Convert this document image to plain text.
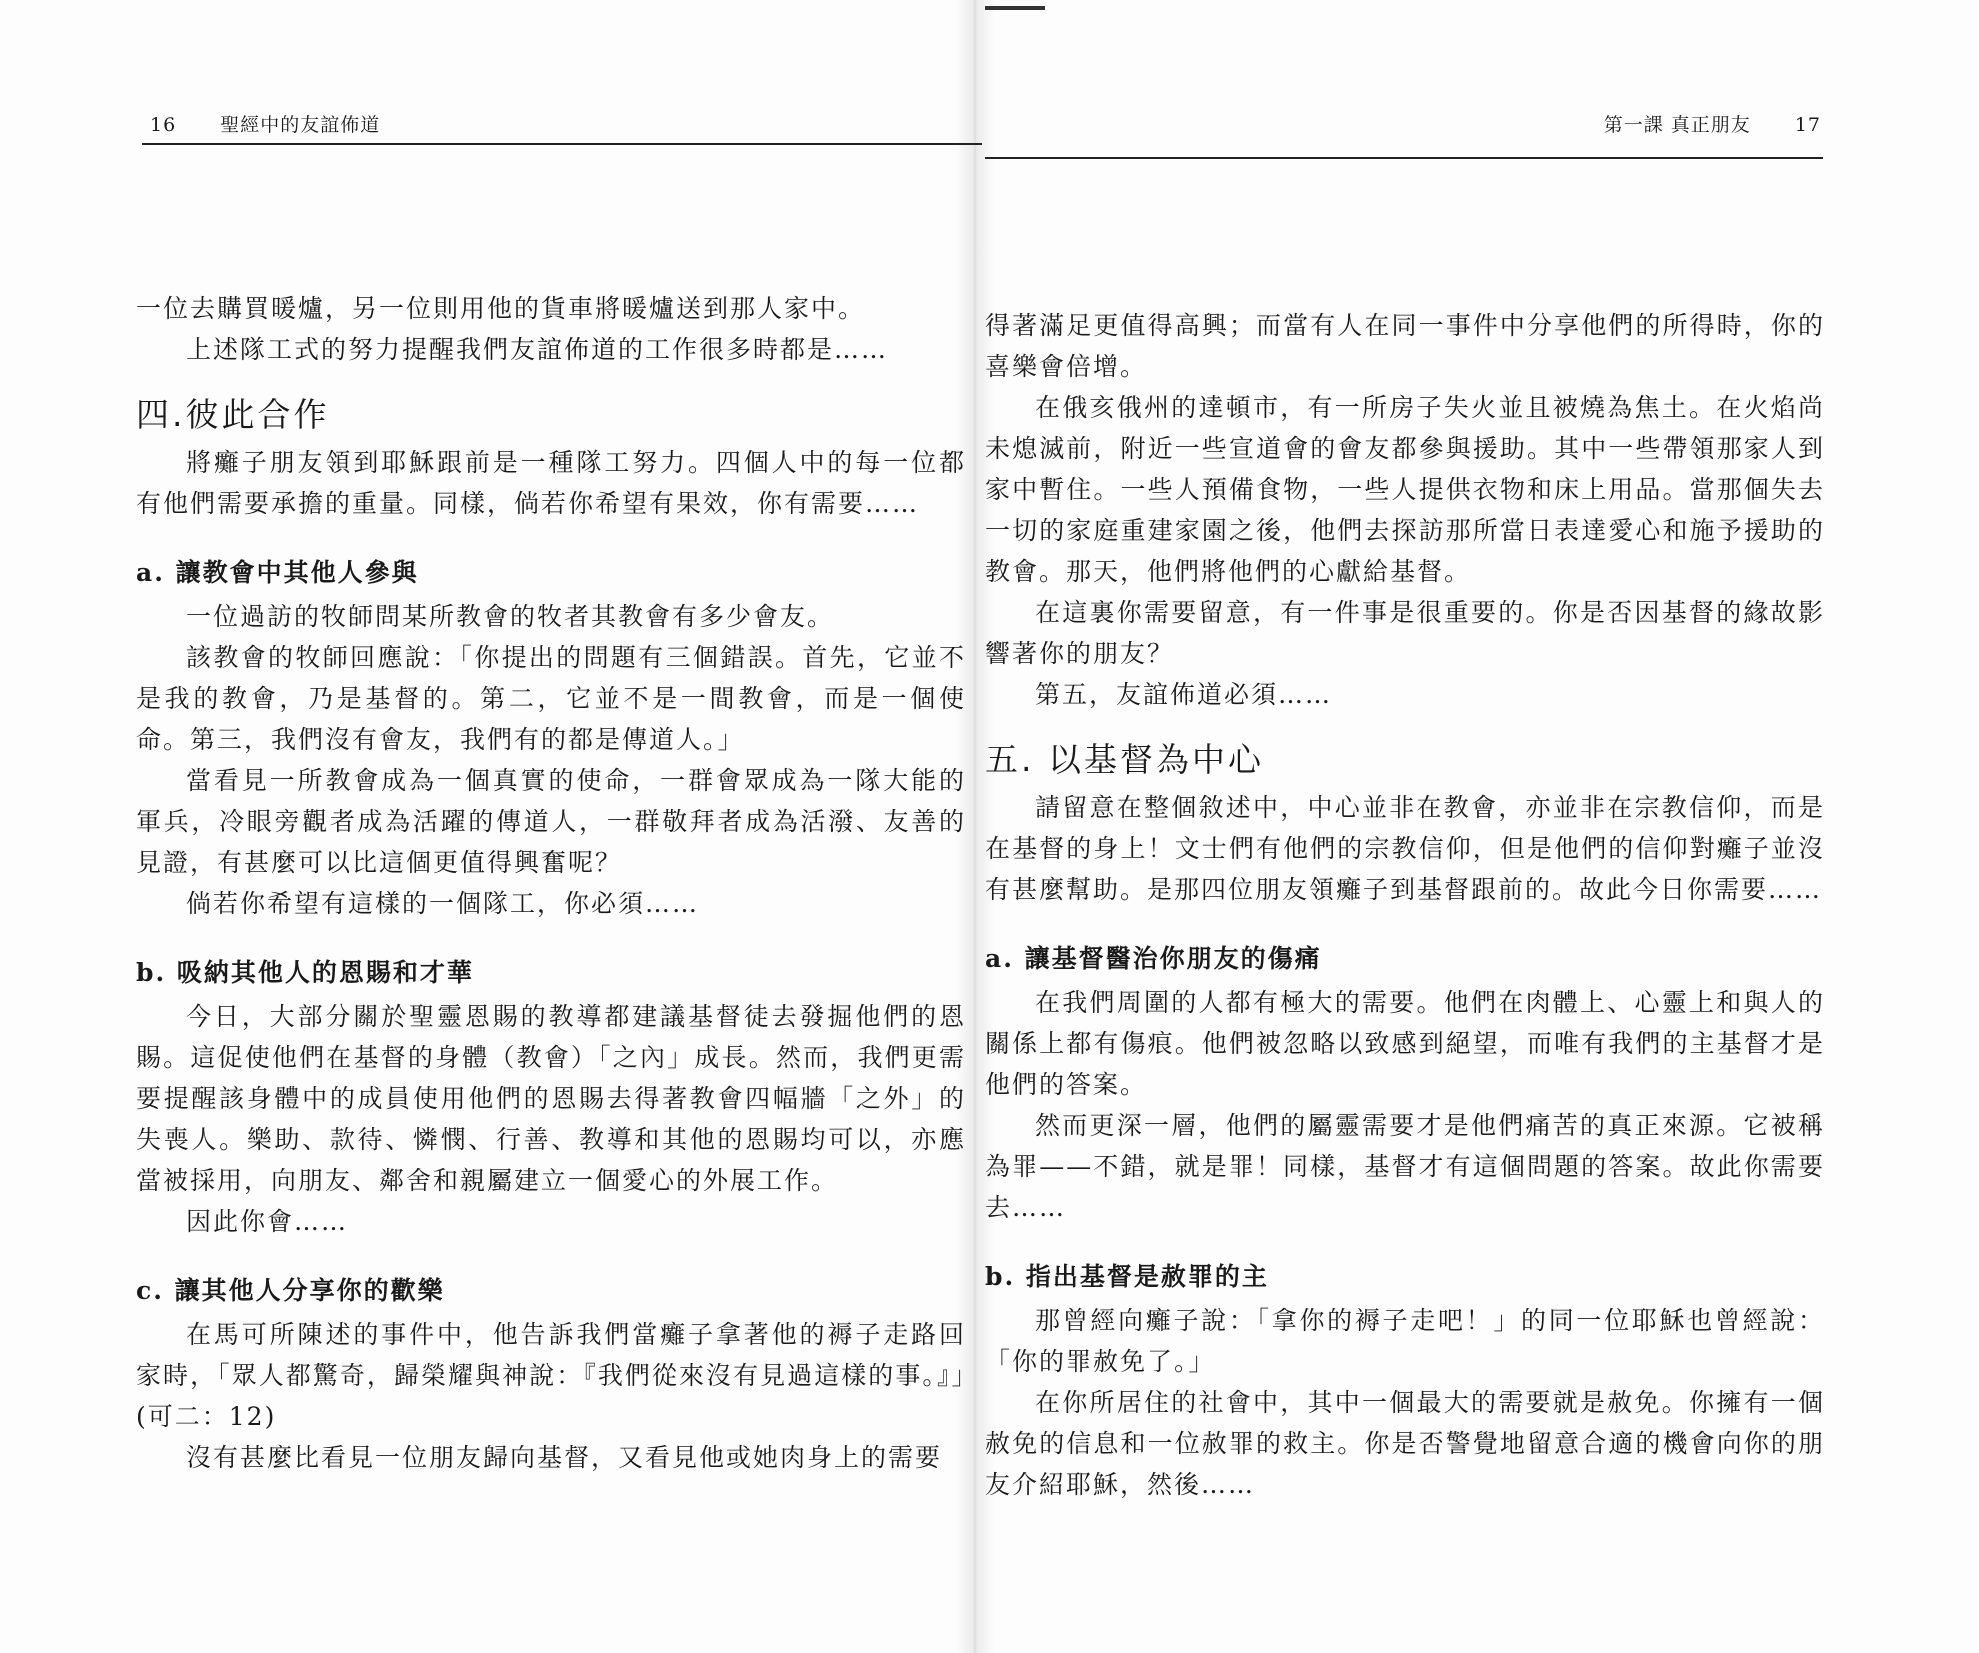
16 聖經中的友誼佈道

一位去購買暖爐，另一位則用他的貨車將暖爐送到那人家中。

上述隊工式的努力提醒我們友誼佈道的工作很多時都是……

四.彼此合作

將癱子朋友領到耶穌跟前是一種隊工努力。四個人中的每一位都有他們需要承擔的重量。同樣，倘若你希望有果效，你有需要……

a. 讓教會中其他人參與

一位過訪的牧師問某所教會的牧者其教會有多少會友。

該教會的牧師回應說：「你提出的問題有三個錯誤。首先，它並不是我的教會，乃是基督的。第二，它並不是一間教會，而是一個使命。第三，我們沒有會友，我們有的都是傳道人。」

當看見一所教會成為一個真實的使命，一群會眾成為一隊大能的軍兵，冷眼旁觀者成為活躍的傳道人，一群敬拜者成為活潑、友善的見證，有甚麼可以比這個更值得興奮呢？

倘若你希望有這樣的一個隊工，你必須……

b. 吸納其他人的恩賜和才華

今日，大部分關於聖靈恩賜的教導都建議基督徒去發掘他們的恩賜。這促使他們在基督的身體（教會）「之內」成長。然而，我們更需要提醒該身體中的成員使用他們的恩賜去得著教會四幅牆「之外」的失喪人。樂助、款待、憐憫、行善、教導和其他的恩賜均可以，亦應當被採用，向朋友、鄰舍和親屬建立一個愛心的外展工作。

因此你會……

c. 讓其他人分享你的歡樂

在馬可所陳述的事件中，他告訴我們當癱子拿著他的褥子走路回家時，「眾人都驚奇，歸榮耀與神說：『我們從來沒有見過這樣的事。』」(可二：12)

沒有甚麼比看見一位朋友歸向基督，又看見他或她肉身上的需要

第一課 真正朋友 17

得著滿足更值得高興；而當有人在同一事件中分享他們的所得時，你的喜樂會倍增。

在俄亥俄州的達頓市，有一所房子失火並且被燒為焦土。在火焰尚未熄滅前，附近一些宣道會的會友都參與援助。其中一些帶領那家人到家中暫住。一些人預備食物，一些人提供衣物和床上用品。當那個失去一切的家庭重建家園之後，他們去探訪那所當日表達愛心和施予援助的教會。那天，他們將他們的心獻給基督。

在這裏你需要留意，有一件事是很重要的。你是否因基督的緣故影響著你的朋友？

第五，友誼佈道必須……

五. 以基督為中心

請留意在整個敘述中，中心並非在教會，亦並非在宗教信仰，而是在基督的身上！文士們有他們的宗教信仰，但是他們的信仰對癱子並沒有甚麼幫助。是那四位朋友領癱子到基督跟前的。故此今日你需要……

a. 讓基督醫治你朋友的傷痛

在我們周圍的人都有極大的需要。他們在肉體上、心靈上和與人的關係上都有傷痕。他們被忽略以致感到絕望，而唯有我們的主基督才是他們的答案。

然而更深一層，他們的屬靈需要才是他們痛苦的真正來源。它被稱為罪——不錯，就是罪！同樣，基督才有這個問題的答案。故此你需要去……

b. 指出基督是赦罪的主

那曾經向癱子說：「拿你的褥子走吧！」的同一位耶穌也曾經說：「你的罪赦免了。」

在你所居住的社會中，其中一個最大的需要就是赦免。你擁有一個赦免的信息和一位赦罪的救主。你是否警覺地留意合適的機會向你的朋友介紹耶穌，然後……
